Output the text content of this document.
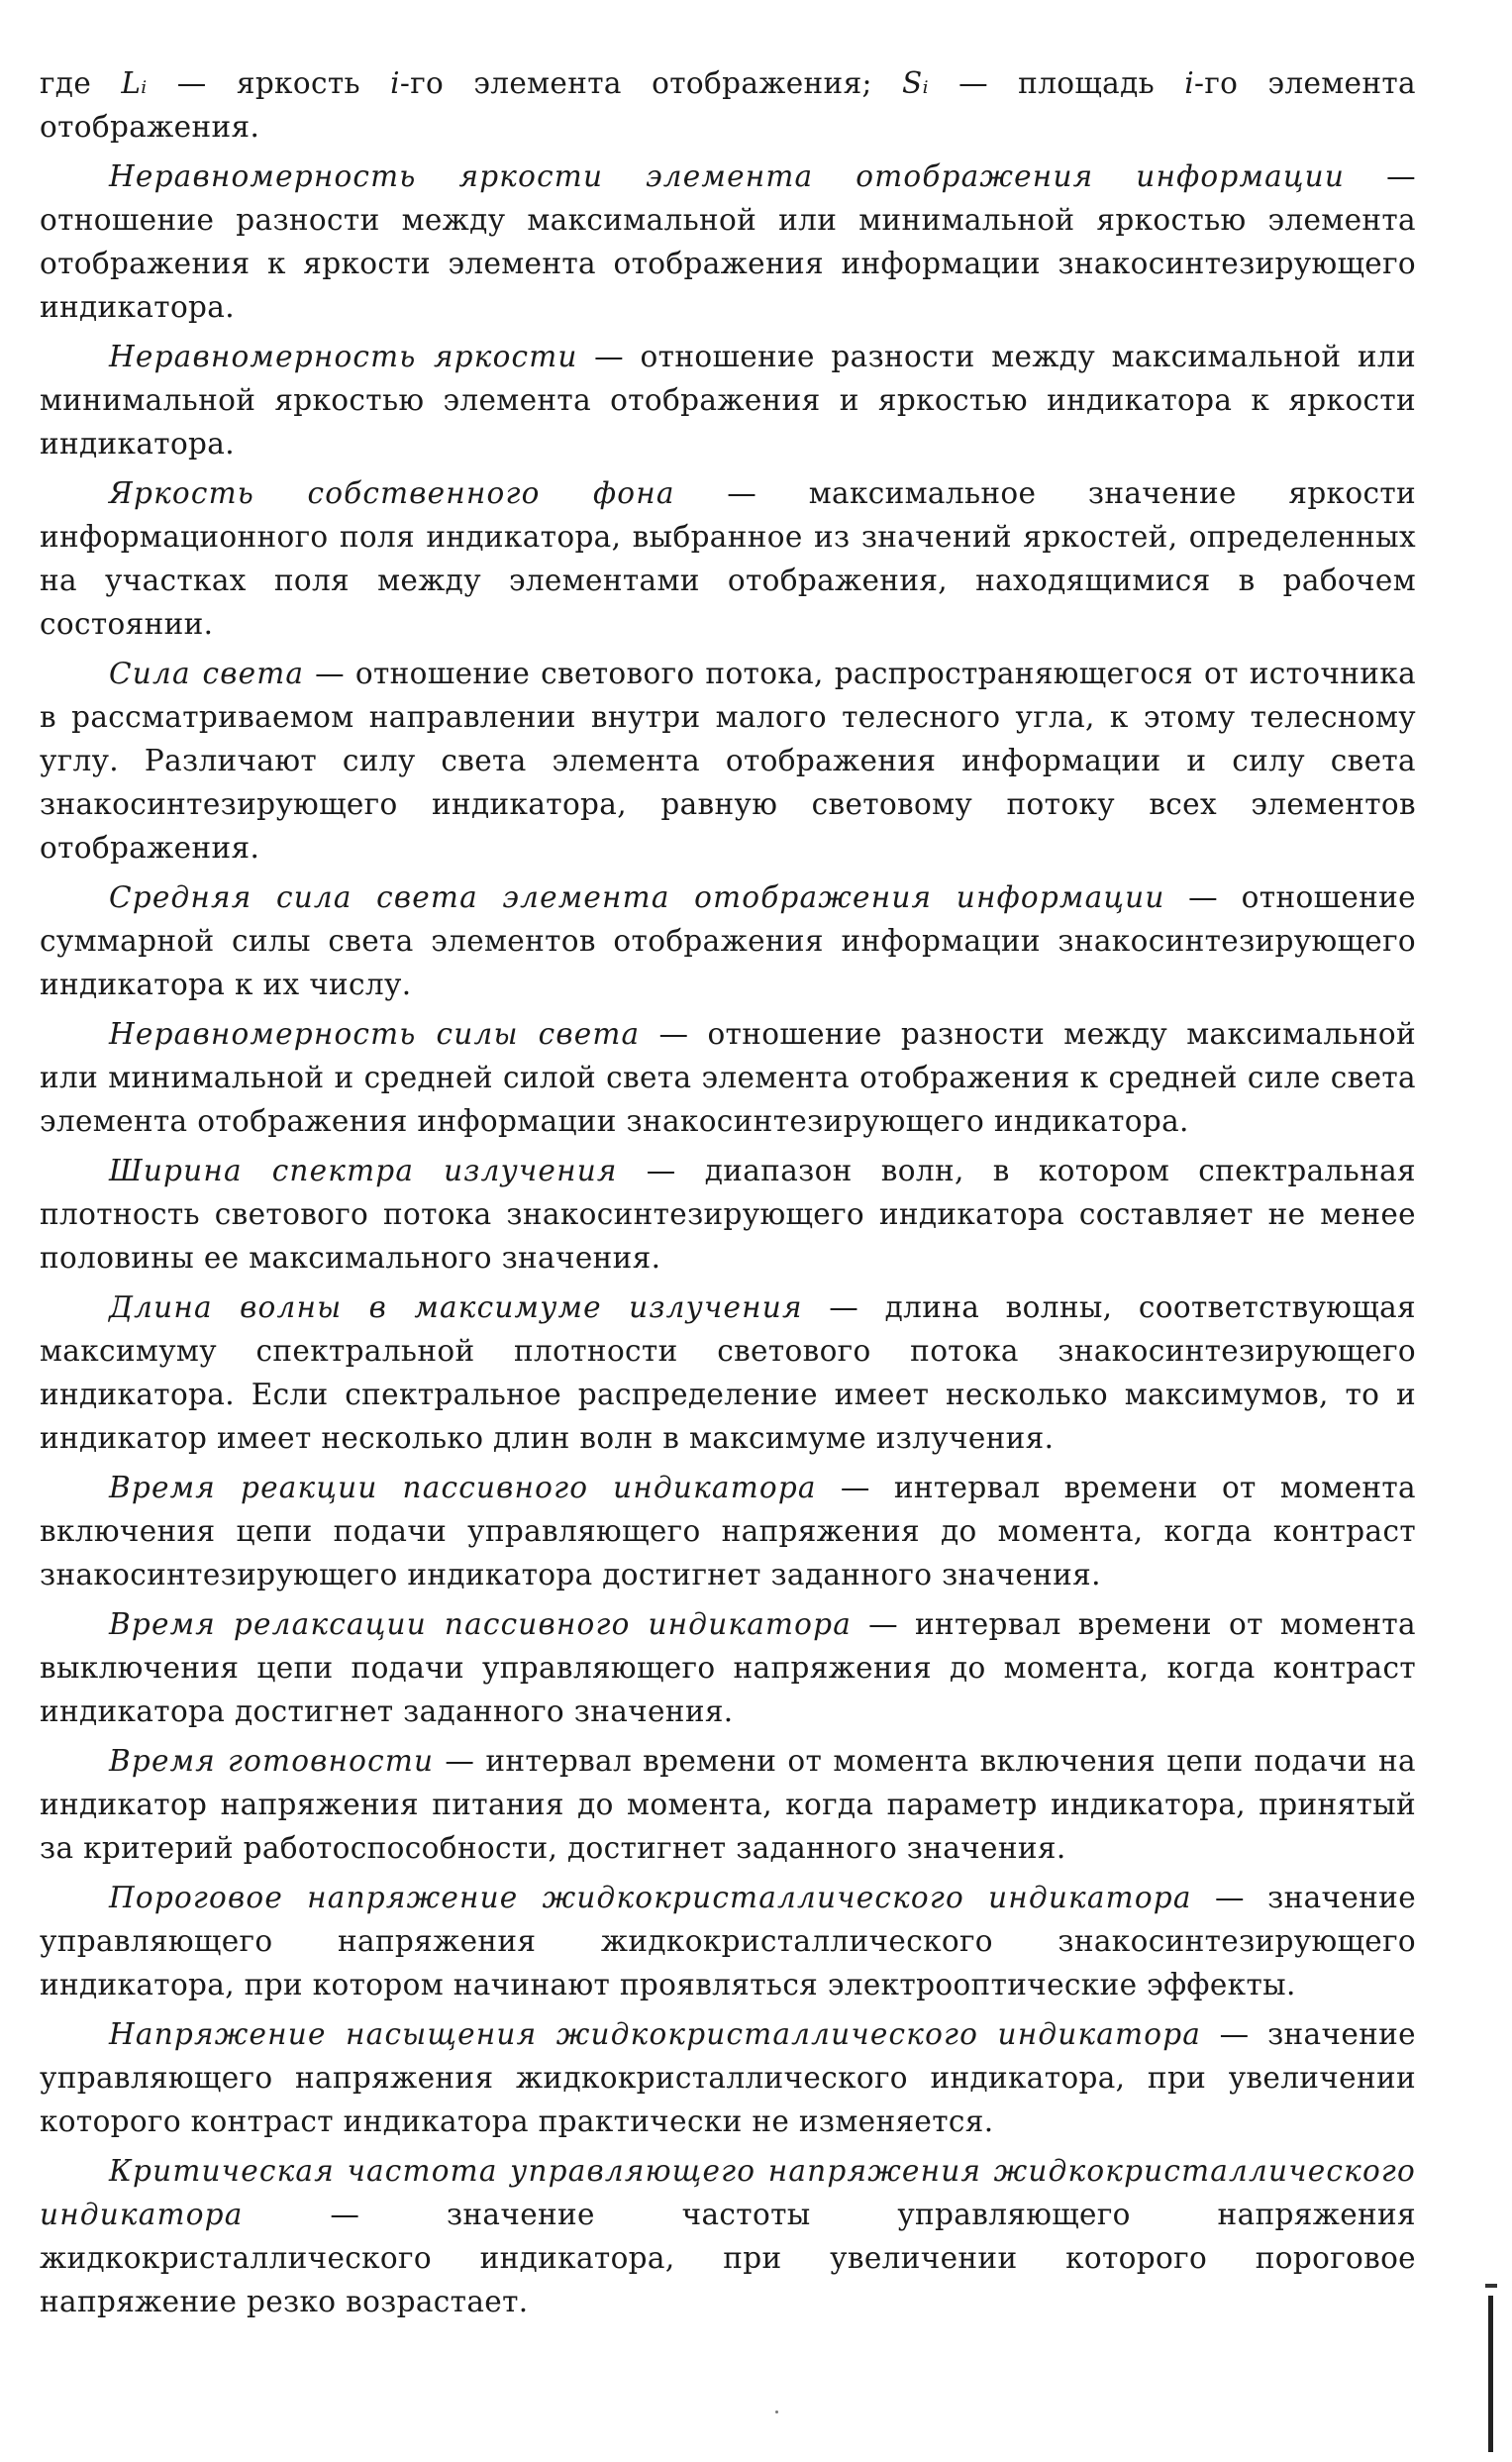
где Lᵢ — яркость i-го элемента отображения; Sᵢ — площадь i-го элемента отображения.

Неравномерность яркости элемента отображения информации — отношение разности между максимальной или минимальной яркостью элемента отображения к яркости элемента отображения информации знакосинтезирующего индикатора.

Неравномерность яркости — отношение разности между максимальной или минимальной яркостью элемента отображения и яркостью индикатора к яркости индикатора.

Яркость собственного фона — максимальное значение яркости информационного поля индикатора, выбранное из значений яркостей, определенных на участках поля между элементами отображения, находящимися в рабочем состоянии.

Сила света — отношение светового потока, распространяющегося от источника в рассматриваемом направлении внутри малого телесного угла, к этому телесному углу. Различают силу света элемента отображения информации и силу света знакосинтезирующего индикатора, равную световому потоку всех элементов отображения.

Средняя сила света элемента отображения информации — отношение суммарной силы света элементов отображения информации знакосинтезирующего индикатора к их числу.

Неравномерность силы света — отношение разности между максимальной или минимальной и средней силой света элемента отображения к средней силе света элемента отображения информации знакосинтезирующего индикатора.

Ширина спектра излучения — диапазон волн, в котором спектральная плотность светового потока знакосинтезирующего индикатора составляет не менее половины ее максимального значения.

Длина волны в максимуме излучения — длина волны, соответствующая максимуму спектральной плотности светового потока знакосинтезирующего индикатора. Если спектральное распределение имеет несколько максимумов, то и индикатор имеет несколько длин волн в максимуме излучения.

Время реакции пассивного индикатора — интервал времени от момента включения цепи подачи управляющего напряжения до момента, когда контраст знакосинтезирующего индикатора достигнет заданного значения.

Время релаксации пассивного индикатора — интервал времени от момента выключения цепи подачи управляющего напряжения до момента, когда контраст индикатора достигнет заданного значения.

Время готовности — интервал времени от момента включения цепи подачи на индикатор напряжения питания до момента, когда параметр индикатора, принятый за критерий работоспособности, достигнет заданного значения.

Пороговое напряжение жидкокристаллического индикатора — значение управляющего напряжения жидкокристаллического знакосинтезирующего индикатора, при котором начинают проявляться электрооптические эффекты.

Напряжение насыщения жидкокристаллического индикатора — значение управляющего напряжения жидкокристаллического индикатора, при увеличении которого контраст индикатора практически не изменяется.

Критическая частота управляющего напряжения жидкокристаллического индикатора — значение частоты управляющего напряжения жидкокристаллического индикатора, при увеличении которого пороговое напряжение резко возрастает.
